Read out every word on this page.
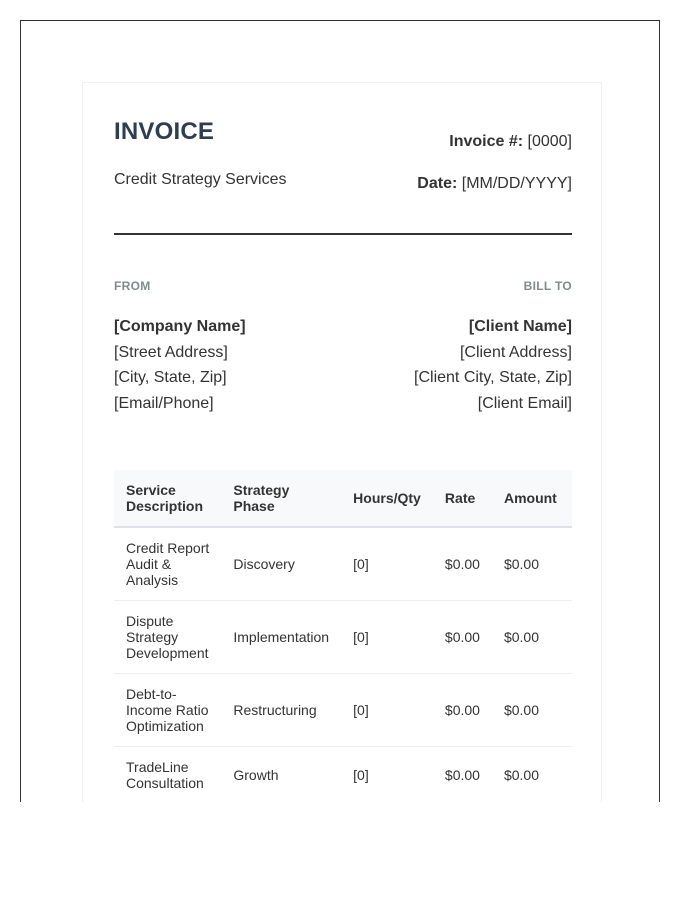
INVOICE
Credit Strategy Services
Invoice #: [0000]
Date: [MM/DD/YYYY]
FROM	BILL TO
[Company Name]
[Street Address]
[City, State, Zip]
[Email/Phone]
[Client Name]
[Client Address]
[Client City, State, Zip]
[Client Email]
Service Description	Strategy Phase	Hours/Qty	Rate	Amount
Credit Report Audit & Analysis	Discovery	[0]	$0.00	$0.00
Dispute Strategy Development	Implementation	[0]	$0.00	$0.00
Debt-to-Income Ratio Optimization	Restructuring	[0]	$0.00	$0.00
TradeLine Consultation	Growth	[0]	$0.00	$0.00
